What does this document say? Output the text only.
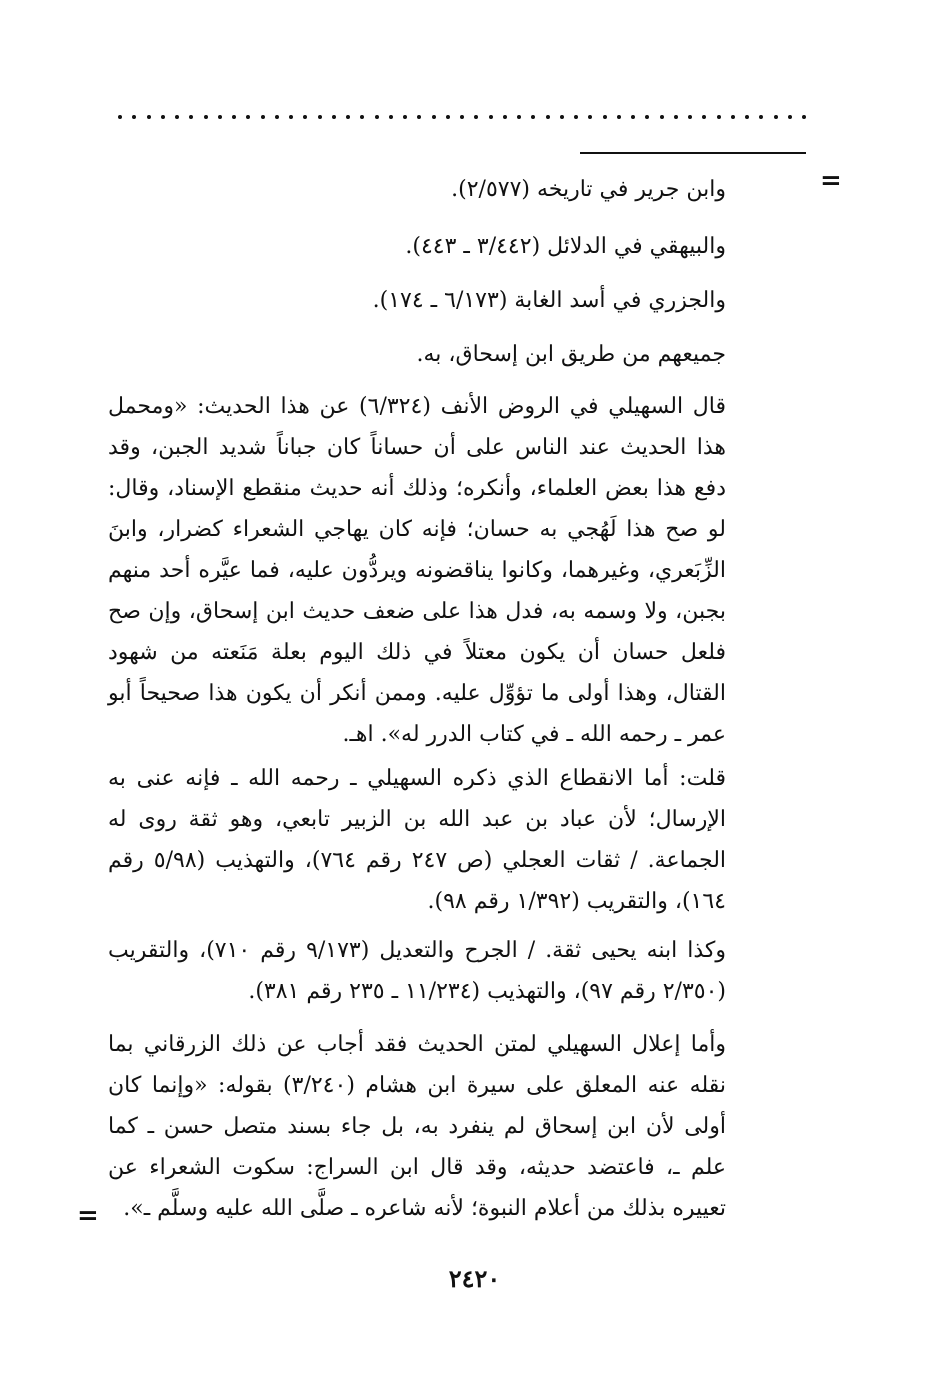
=
وابن جرير في تاريخه (٢/٥٧٧).
والبيهقي في الدلائل (٣/٤٤٢ ـ ٤٤٣).
والجزري في أسد الغابة (٦/١٧٣ ـ ١٧٤).
جميعهم من طريق ابن إسحاق، به.

قال السهيلي في الروض الأنف (٦/٣٢٤) عن هذا الحديث: «ومحمل هذا الحديث عند الناس على أن حساناً كان جباناً شديد الجبن، وقد دفع هذا بعض العلماء، وأنكره؛ وذلك أنه حديث منقطع الإسناد، وقال: لو صح هذا لَهُجي به حسان؛ فإنه كان يهاجي الشعراء كضرار، وابنَ الزِّبَعري، وغيرهما، وكانوا يناقضونه ويردُّون عليه، فما عيَّره أحد منهم بجبن، ولا وسمه به، فدل هذا على ضعف حديث ابن إسحاق، وإن صح فلعل حسان أن يكون معتلاً في ذلك اليوم بعلة مَنَعته من شهود القتال، وهذا أولى ما تؤوِّل عليه. وممن أنكر أن يكون هذا صحيحاً أبو عمر ـ رحمه الله ـ في كتاب الدرر له». اهـ.

قلت: أما الانقطاع الذي ذكره السهيلي ـ رحمه الله ـ فإنه عنى به الإرسال؛ لأن عباد بن عبد الله بن الزبير تابعي، وهو ثقة روى له الجماعة. / ثقات العجلي (ص ٢٤٧ رقم ٧٦٤)، والتهذيب (٥/٩٨ رقم ١٦٤)، والتقريب (١/٣٩٢ رقم ٩٨).

وكذا ابنه يحيى ثقة. / الجرح والتعديل (٩/١٧٣ رقم ٧١٠)، والتقريب (٢/٣٥٠ رقم ٩٧)، والتهذيب (١١/٢٣٤ ـ ٢٣٥ رقم ٣٨١).

وأما إعلال السهيلي لمتن الحديث فقد أجاب عن ذلك الزرقاني بما نقله عنه المعلق على سيرة ابن هشام (٣/٢٤٠) بقوله: «وإنما كان أولى لأن ابن إسحاق لم ينفرد به، بل جاء بسند متصل حسن ـ كما علم ـ، فاعتضد حديثه، وقد قال ابن السراج: سكوت الشعراء عن تعييره بذلك من أعلام النبوة؛ لأنه شاعره ـ صلَّى الله عليه وسلَّم ـ».

=
٢٤٢٠
